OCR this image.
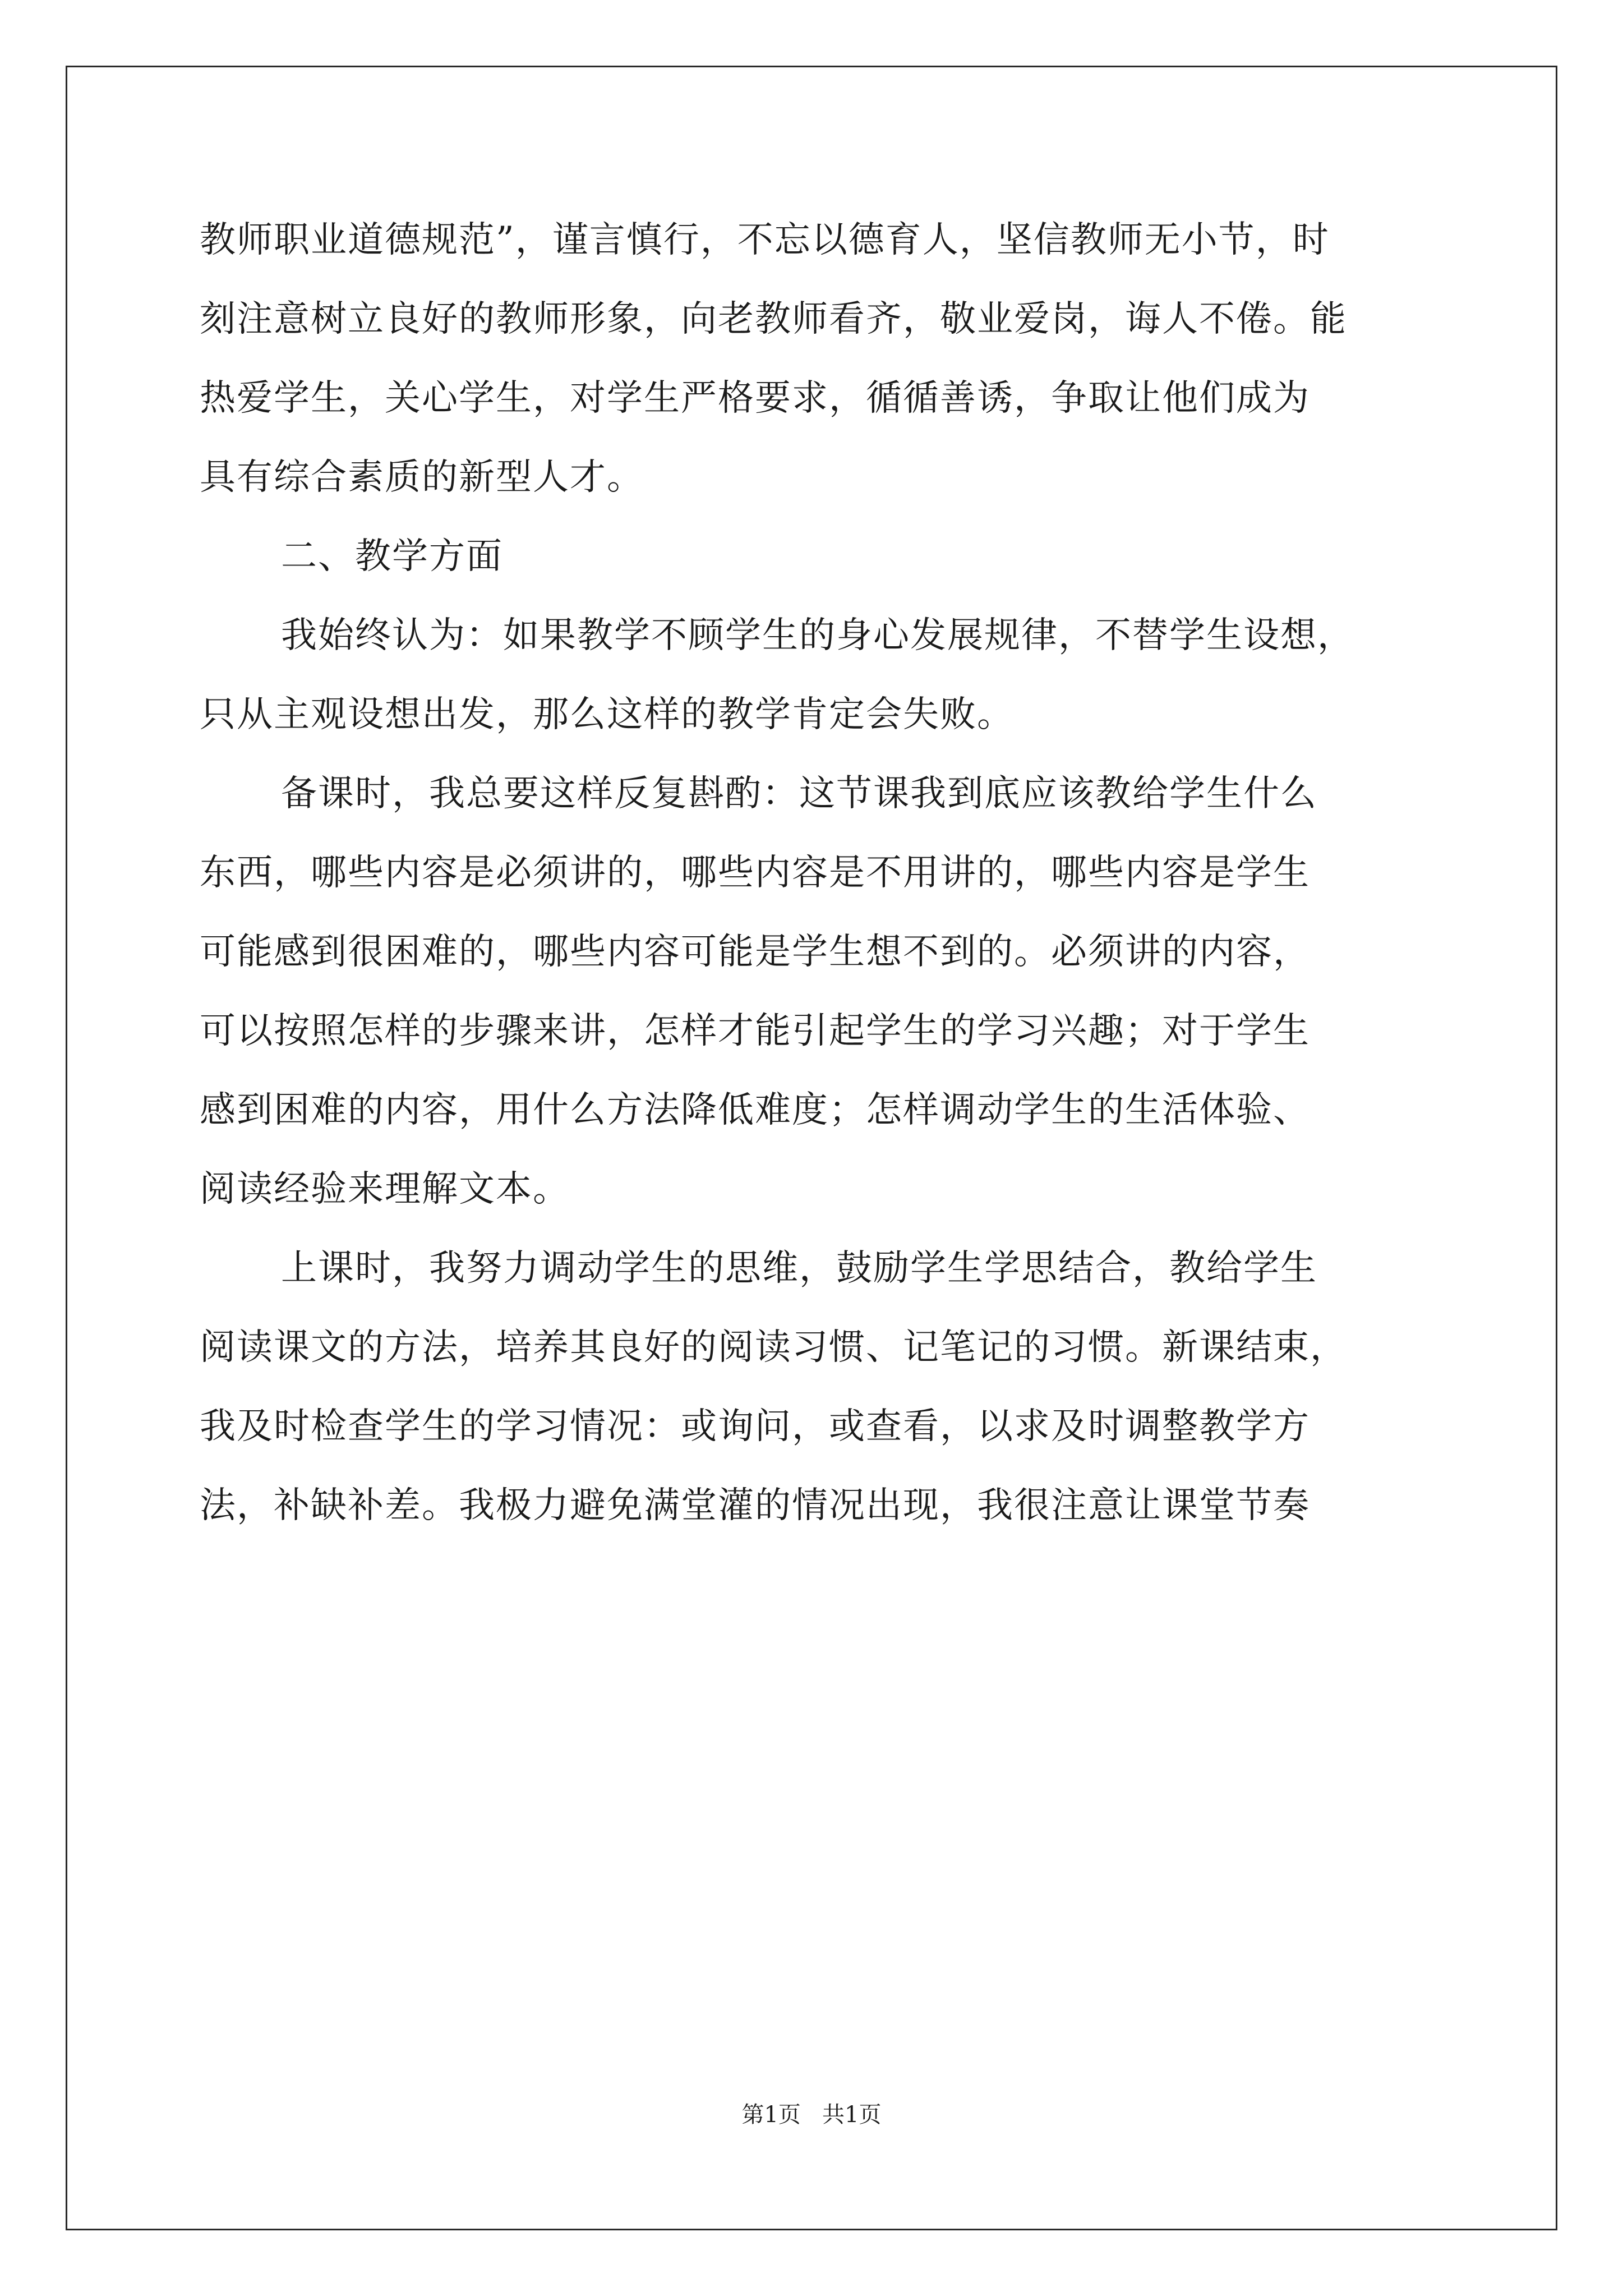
教师职业道德规范”，谨言慎行，不忘以德育人，坚信教师无小节，时
刻注意树立良好的教师形象，向老教师看齐，敬业爱岗，诲人不倦。能
热爱学生，关心学生，对学生严格要求，循循善诱，争取让他们成为
具有综合素质的新型人才。
二、教学方面
我始终认为：如果教学不顾学生的身心发展规律，不替学生设想，
只从主观设想出发，那么这样的教学肯定会失败。
备课时，我总要这样反复斟酌：这节课我到底应该教给学生什么
东西，哪些内容是必须讲的，哪些内容是不用讲的，哪些内容是学生
可能感到很困难的，哪些内容可能是学生想不到的。必须讲的内容，
可以按照怎样的步骤来讲，怎样才能引起学生的学习兴趣；对于学生
感到困难的内容，用什么方法降低难度；怎样调动学生的生活体验、
阅读经验来理解文本。
上课时，我努力调动学生的思维，鼓励学生学思结合，教给学生
阅读课文的方法，培养其良好的阅读习惯、记笔记的习惯。新课结束，
我及时检查学生的学习情况：或询问，或查看，以求及时调整教学方
法，补缺补差。我极力避免满堂灌的情况出现，我很注意让课堂节奏
第1页   共1页
